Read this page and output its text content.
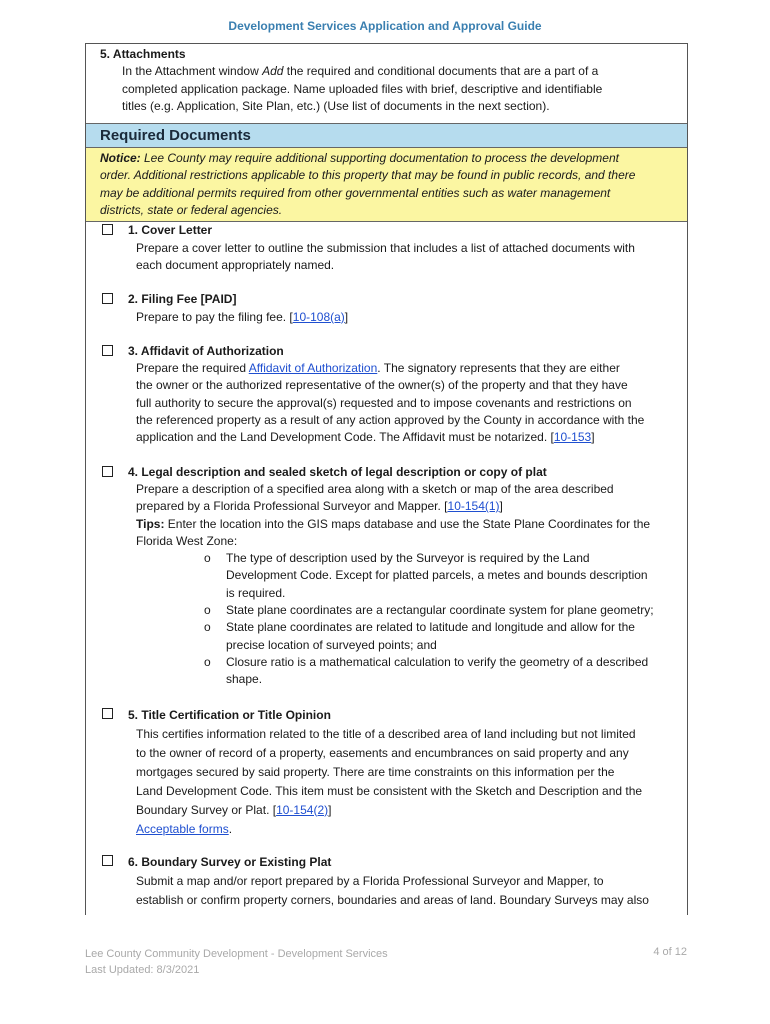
Development Services Application and Approval Guide
5. Attachments
In the Attachment window Add the required and conditional documents that are a part of a
completed application package. Name uploaded files with brief, descriptive and identifiable
titles (e.g. Application, Site Plan, etc.) (Use list of documents in the next section).
Required Documents
Notice: Lee County may require additional supporting documentation to process the development
order. Additional restrictions applicable to this property that may be found in public records, and there
may be additional permits required from other governmental entities such as water management
districts, state or federal agencies.
1. Cover Letter
Prepare a cover letter to outline the submission that includes a list of attached documents with
each document appropriately named.
2. Filing Fee [PAID]
Prepare to pay the filing fee. [10-108(a)]
3. Affidavit of Authorization
Prepare the required Affidavit of Authorization. The signatory represents that they are either
the owner or the authorized representative of the owner(s) of the property and that they have
full authority to secure the approval(s) requested and to impose covenants and restrictions on
the referenced property as a result of any action approved by the County in accordance with the
application and the Land Development Code. The Affidavit must be notarized. [10-153]
4. Legal description and sealed sketch of legal description or copy of plat
Prepare a description of a specified area along with a sketch or map of the area described
prepared by a Florida Professional Surveyor and Mapper. [10-154(1)]
Tips: Enter the location into the GIS maps database and use the State Plane Coordinates for the
Florida West Zone:
o The type of description used by the Surveyor is required by the Land
Development Code. Except for platted parcels, a metes and bounds description
is required.
o State plane coordinates are a rectangular coordinate system for plane geometry;
o State plane coordinates are related to latitude and longitude and allow for the
precise location of surveyed points; and
o Closure ratio is a mathematical calculation to verify the geometry of a described
shape.
5. Title Certification or Title Opinion
This certifies information related to the title of a described area of land including but not limited
to the owner of record of a property, easements and encumbrances on said property and any
mortgages secured by said property. There are time constraints on this information per the
Land Development Code. This item must be consistent with the Sketch and Description and the
Boundary Survey or Plat. [10-154(2)]
Acceptable forms.
6. Boundary Survey or Existing Plat
Submit a map and/or report prepared by a Florida Professional Surveyor and Mapper, to
establish or confirm property corners, boundaries and areas of land. Boundary Surveys may also
Lee County Community Development - Development Services
Last Updated: 8/3/2021
4 of 12
